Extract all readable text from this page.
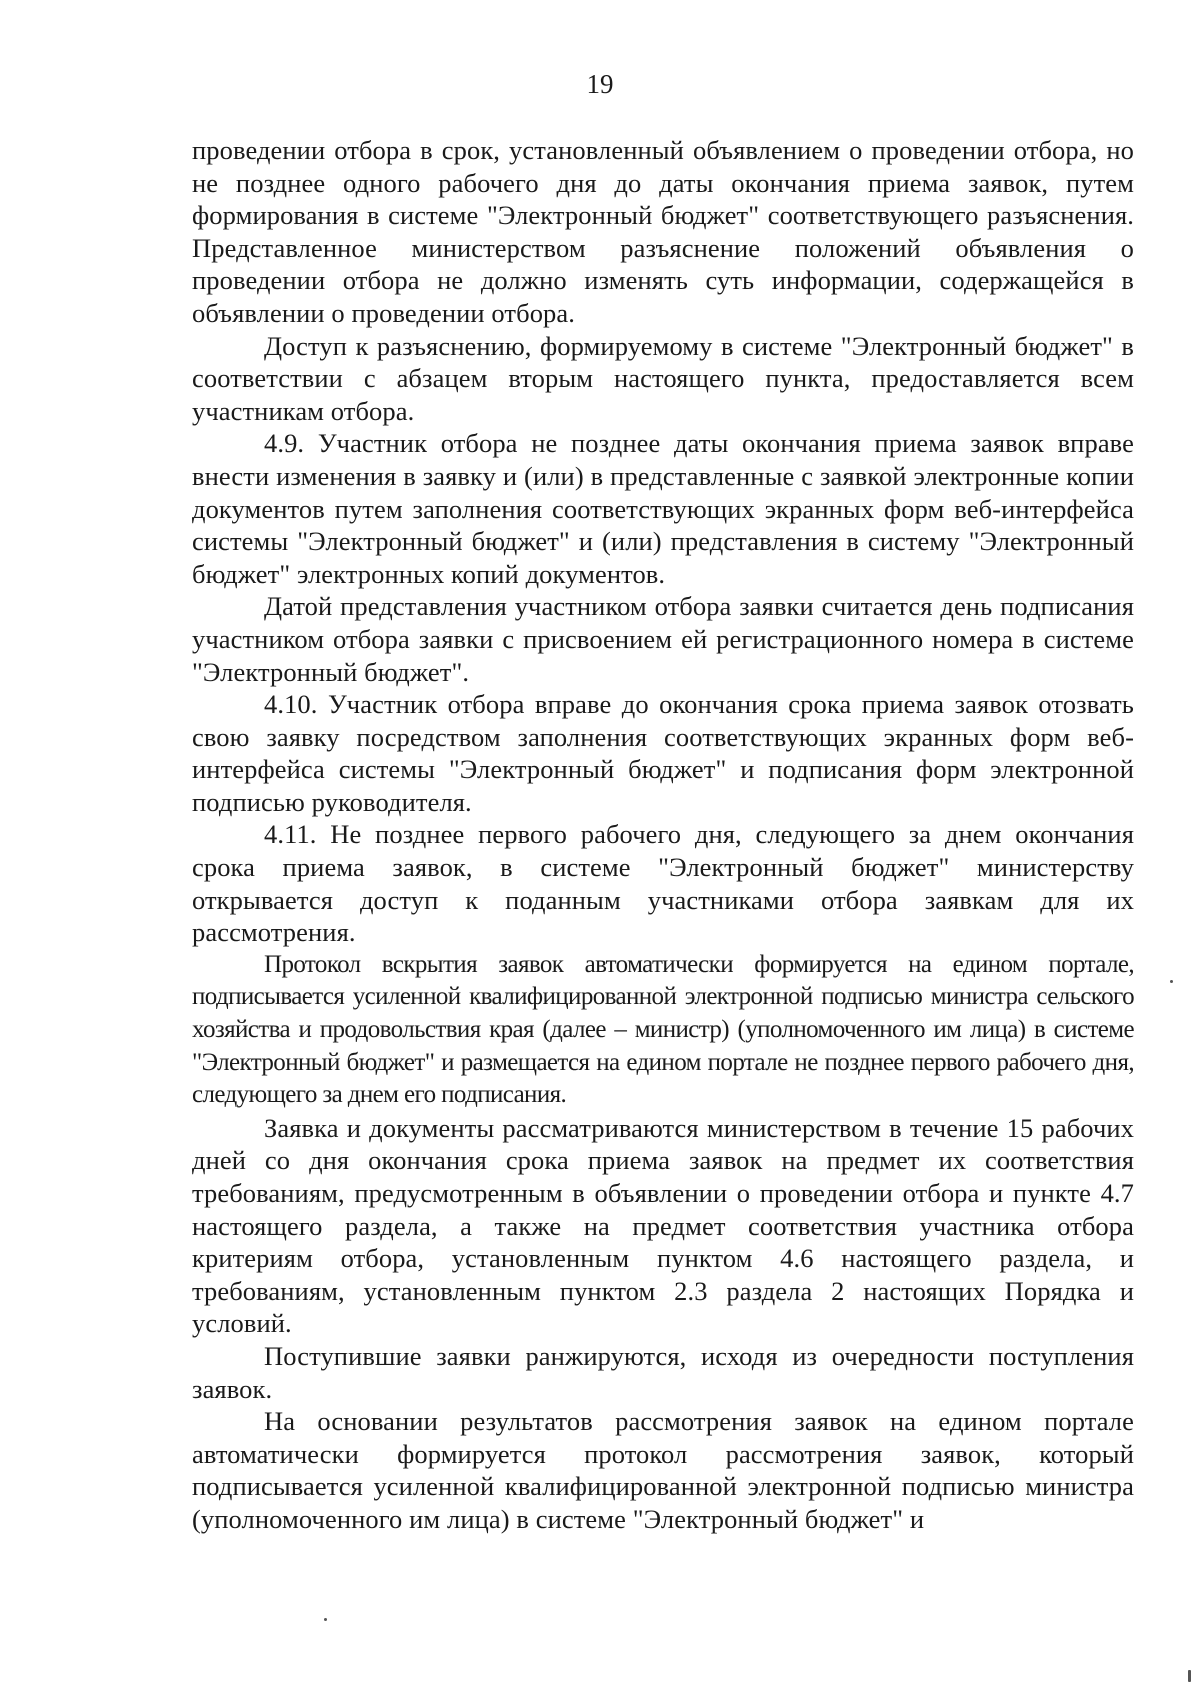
19

проведении отбора в срок, установленный объявлением о проведении отбора, но не позднее одного рабочего дня до даты окончания приема заявок, путем формирования в системе "Электронный бюджет" соответствующего разъяснения. Представленное министерством разъяснение положений объявления о проведении отбора не должно изменять суть информации, содержащейся в объявлении о проведении отбора.

Доступ к разъяснению, формируемому в системе "Электронный бюджет" в соответствии с абзацем вторым настоящего пункта, предоставляется всем участникам отбора.

4.9. Участник отбора не позднее даты окончания приема заявок вправе внести изменения в заявку и (или) в представленные с заявкой электронные копии документов путем заполнения соответствующих экранных форм веб-интерфейса системы "Электронный бюджет" и (или) представления в систему "Электронный бюджет" электронных копий документов.

Датой представления участником отбора заявки считается день подписания участником отбора заявки с присвоением ей регистрационного номера в системе "Электронный бюджет".

4.10. Участник отбора вправе до окончания срока приема заявок отозвать свою заявку посредством заполнения соответствующих экранных форм веб-интерфейса системы "Электронный бюджет" и подписания форм электронной подписью руководителя.

4.11. Не позднее первого рабочего дня, следующего за днем окончания срока приема заявок, в системе "Электронный бюджет" министерству открывается доступ к поданным участниками отбора заявкам для их рассмотрения.

Протокол вскрытия заявок автоматически формируется на едином портале, подписывается усиленной квалифицированной электронной подписью министра сельского хозяйства и продовольствия края (далее – министр) (уполномоченного им лица) в системе "Электронный бюджет" и размещается на едином портале не позднее первого рабочего дня, следующего за днем его подписания.

Заявка и документы рассматриваются министерством в течение 15 рабочих дней со дня окончания срока приема заявок на предмет их соответствия требованиям, предусмотренным в объявлении о проведении отбора и пункте 4.7 настоящего раздела, а также на предмет соответствия участника отбора критериям отбора, установленным пунктом 4.6 настоящего раздела, и требованиям, установленным пунктом 2.3 раздела 2 настоящих Порядка и условий.

Поступившие заявки ранжируются, исходя из очередности поступления заявок.

На основании результатов рассмотрения заявок на едином портале автоматически формируется протокол рассмотрения заявок, который подписывается усиленной квалифицированной электронной подписью министра (уполномоченного им лица) в системе "Электронный бюджет" и
